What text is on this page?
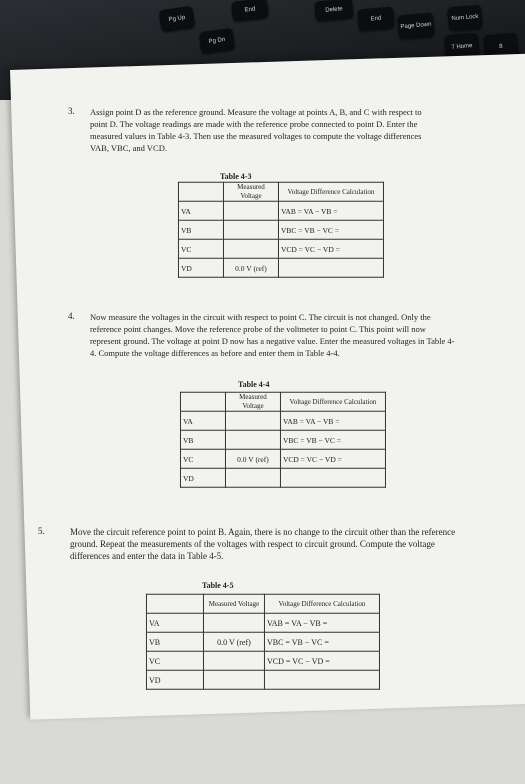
Pg Up
Pg Dn
End	Delete
End
Page Down
Num Lock
7 Home	8
3. Assign point D as the reference ground. Measure the voltage at points A, B, and C with respect to point D. The voltage readings are made with the reference probe connected to point D. Enter the measured values in Table 4-3. Then use the measured voltages to compute the voltage differences VAB, VBC, and VCD.
Table 4-3
	Measured Voltage	Voltage Difference Calculation
VA		VAB = VA − VB =
VB		VBC = VB − VC =
VC		VCD = VC − VD =
VD	0.0 V (ref)	
4. Now measure the voltages in the circuit with respect to point C. The circuit is not changed. Only the reference point changes. Move the reference probe of the voltmeter to point C. This point will now represent ground. The voltage at point D now has a negative value. Enter the measured voltages in Table 4-4. Compute the voltage differences as before and enter them in Table 4-4.
Table 4-4
	Measured Voltage	Voltage Difference Calculation
VA		VAB = VA − VB =
VB		VBC = VB − VC =
VC	0.0 V (ref)	VCD = VC − VD =
VD		
5.	Move the circuit reference point to point B. Again, there is no change to the circuit other than the reference ground. Repeat the measurements of the voltages with respect to circuit ground. Compute the voltage differences and enter the data in Table 4-5.
Table 4-5
	Measured Voltage	Voltage Difference Calculation
VA		VAB = VA − VB =
VB	0.0 V (ref)	VBC = VB − VC =
VC		VCD = VC − VD =
VD		
